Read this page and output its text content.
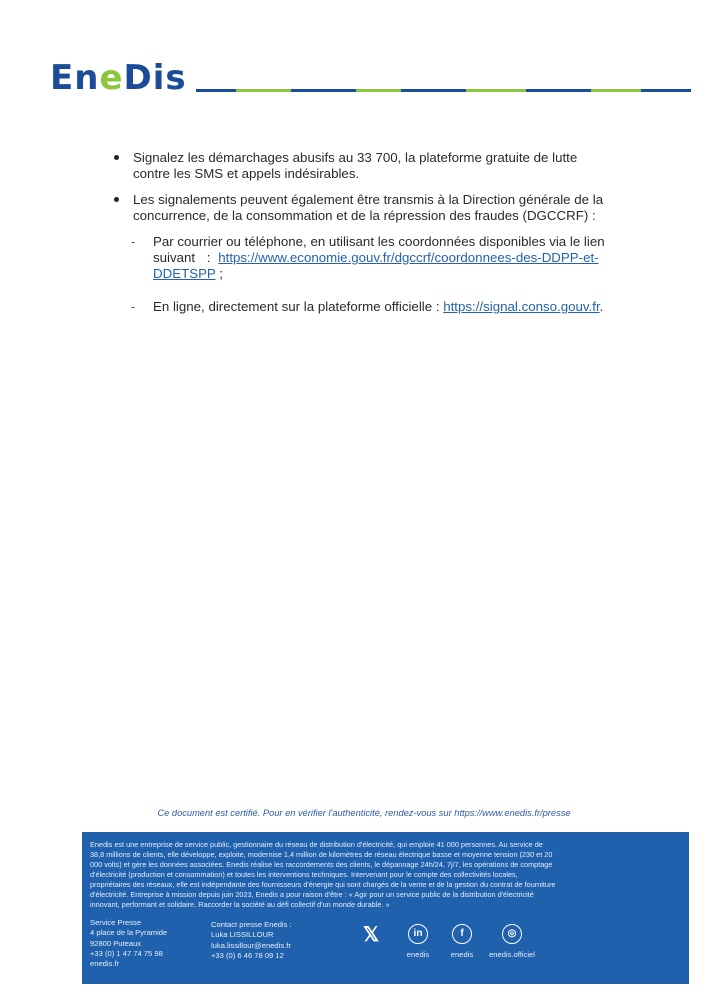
EneDis
Signalez les démarchages abusifs au 33 700, la plateforme gratuite de lutte contre les SMS et appels indésirables.
Les signalements peuvent également être transmis à la Direction générale de la concurrence, de la consommation et de la répression des fraudes (DGCCRF) :
- Par courrier ou téléphone, en utilisant les coordonnées disponibles via le lien
suivant : https://www.economie.gouv.fr/dgccrf/coordonnees-des-DDPP-et-
DDETSPP ;
- En ligne, directement sur la plateforme officielle : https://signal.conso.gouv.fr.
Ce document est certifié. Pour en vérifier l'authenticité, rendez-vous sur https://www.enedis.fr/presse
Enedis est une entreprise de service public, gestionnaire du réseau de distribution d'électricité, qui emploie 41 000 personnes. Au service de
38,8 millions de clients, elle développe, exploite, modernise 1,4 million de kilomètres de réseau électrique basse et moyenne tension (230 et 20
000 volts) et gère les données associées. Enedis réalise les raccordements des clients, le dépannage 24h/24, 7j/7, les opérations de comptage
d'électricité (production et consommation) et toutes les interventions techniques. Intervenant pour le compte des collectivités locales,
propriétaires des réseaux, elle est indépendante des fournisseurs d'énergie qui sont chargés de la vente et de la gestion du contrat de fourniture
d'électricité. Entreprise à mission depuis juin 2023, Enedis a pour raison d'être : « Agir pour un service public de la distribution d'électricité
innovant, performant et solidaire. Raccorder la société au défi collectif d'un monde durable. »
Service Presse
4 place de la Pyramide
92800 Puteaux
+33 (0) 1 47 74 75 98
enedis.fr
Contact presse Enedis :
Luka LISSILLOUR
luka.lissillour@enedis.fr
+33 (0) 6 46 78 09 12
𝕏	in
enedis
f
enedis
◎
enedis.officiel
